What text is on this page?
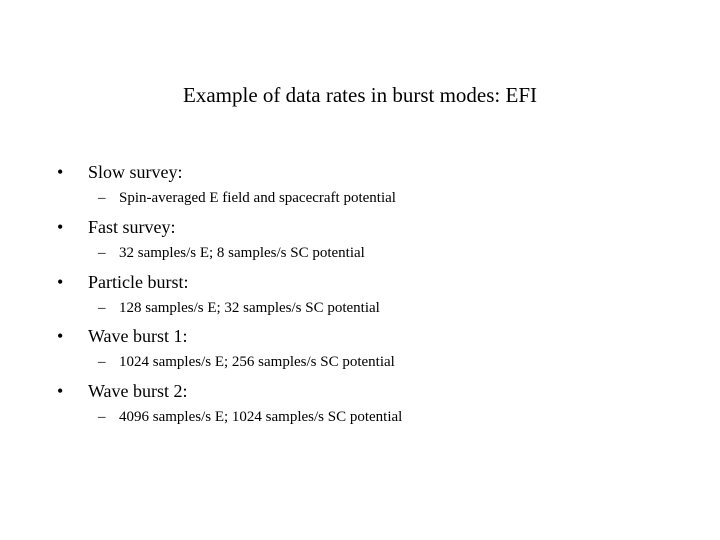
Example of data rates in burst modes: EFI
• Slow survey:
– Spin-averaged E field and spacecraft potential
• Fast survey:
– 32 samples/s E; 8 samples/s SC potential
• Particle burst:
– 128 samples/s E; 32 samples/s SC potential
• Wave burst 1:
– 1024 samples/s E; 256 samples/s SC potential
• Wave burst 2:
– 4096 samples/s E; 1024 samples/s SC potential
